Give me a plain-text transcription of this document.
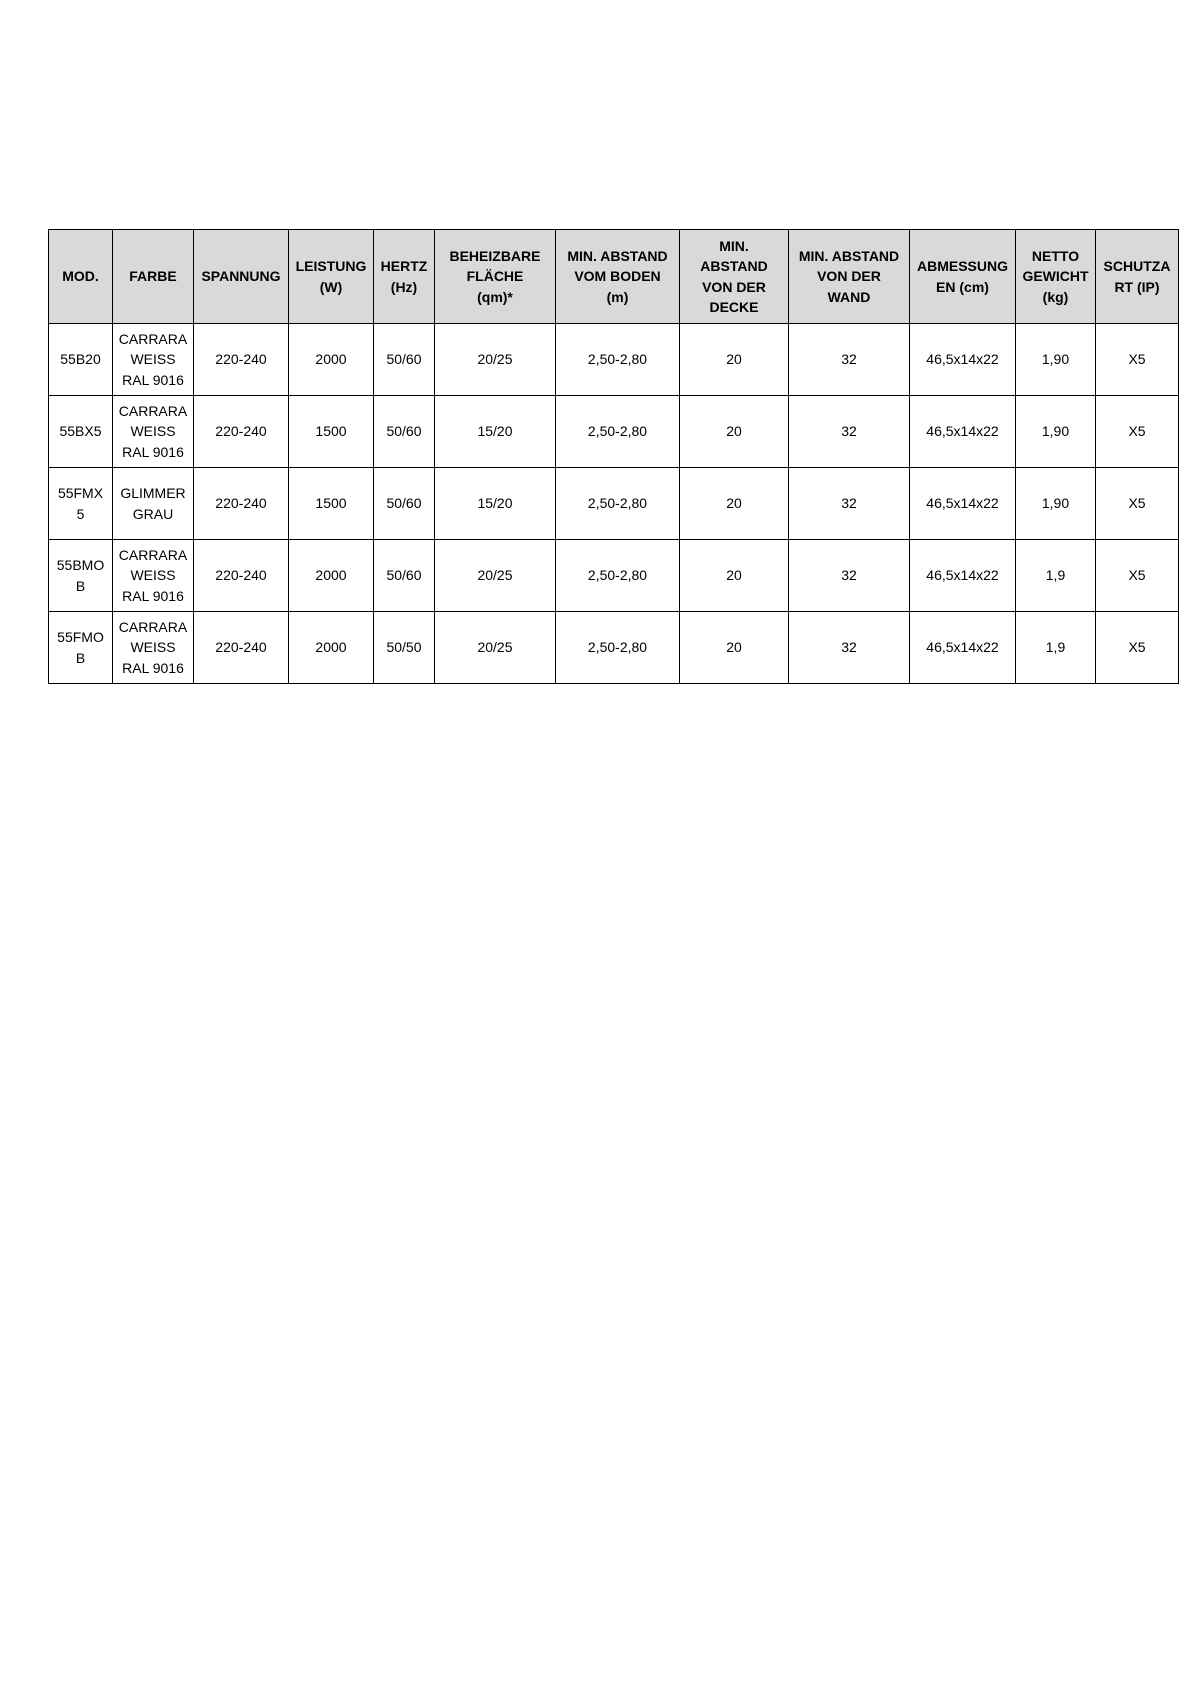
MOD.	FARBE	SPANNUNG	LEISTUNG
(W)	HERTZ
(Hz)	BEHEIZBARE
FLÄCHE
(qm)*	MIN. ABSTAND
VOM BODEN
(m)	MIN.
ABSTAND
VON DER
DECKE	MIN. ABSTAND
VON DER
WAND	ABMESSUNG
EN (cm)	NETTO
GEWICHT
(kg)	SCHUTZA
RT (IP)
55B20	CARRARA
WEISS
RAL 9016	220-240	2000	50/60	20/25	2,50-2,80	20	32	46,5x14x22	1,90	X5
55BX5	CARRARA
WEISS
RAL 9016	220-240	1500	50/60	15/20	2,50-2,80	20	32	46,5x14x22	1,90	X5
55FMX
5	GLIMMER
GRAU	220-240	1500	50/60	15/20	2,50-2,80	20	32	46,5x14x22	1,90	X5
55BMO
B	CARRARA
WEISS
RAL 9016	220-240	2000	50/60	20/25	2,50-2,80	20	32	46,5x14x22	1,9	X5
55FMO
B	CARRARA
WEISS
RAL 9016	220-240	2000	50/50	20/25	2,50-2,80	20	32	46,5x14x22	1,9	X5
